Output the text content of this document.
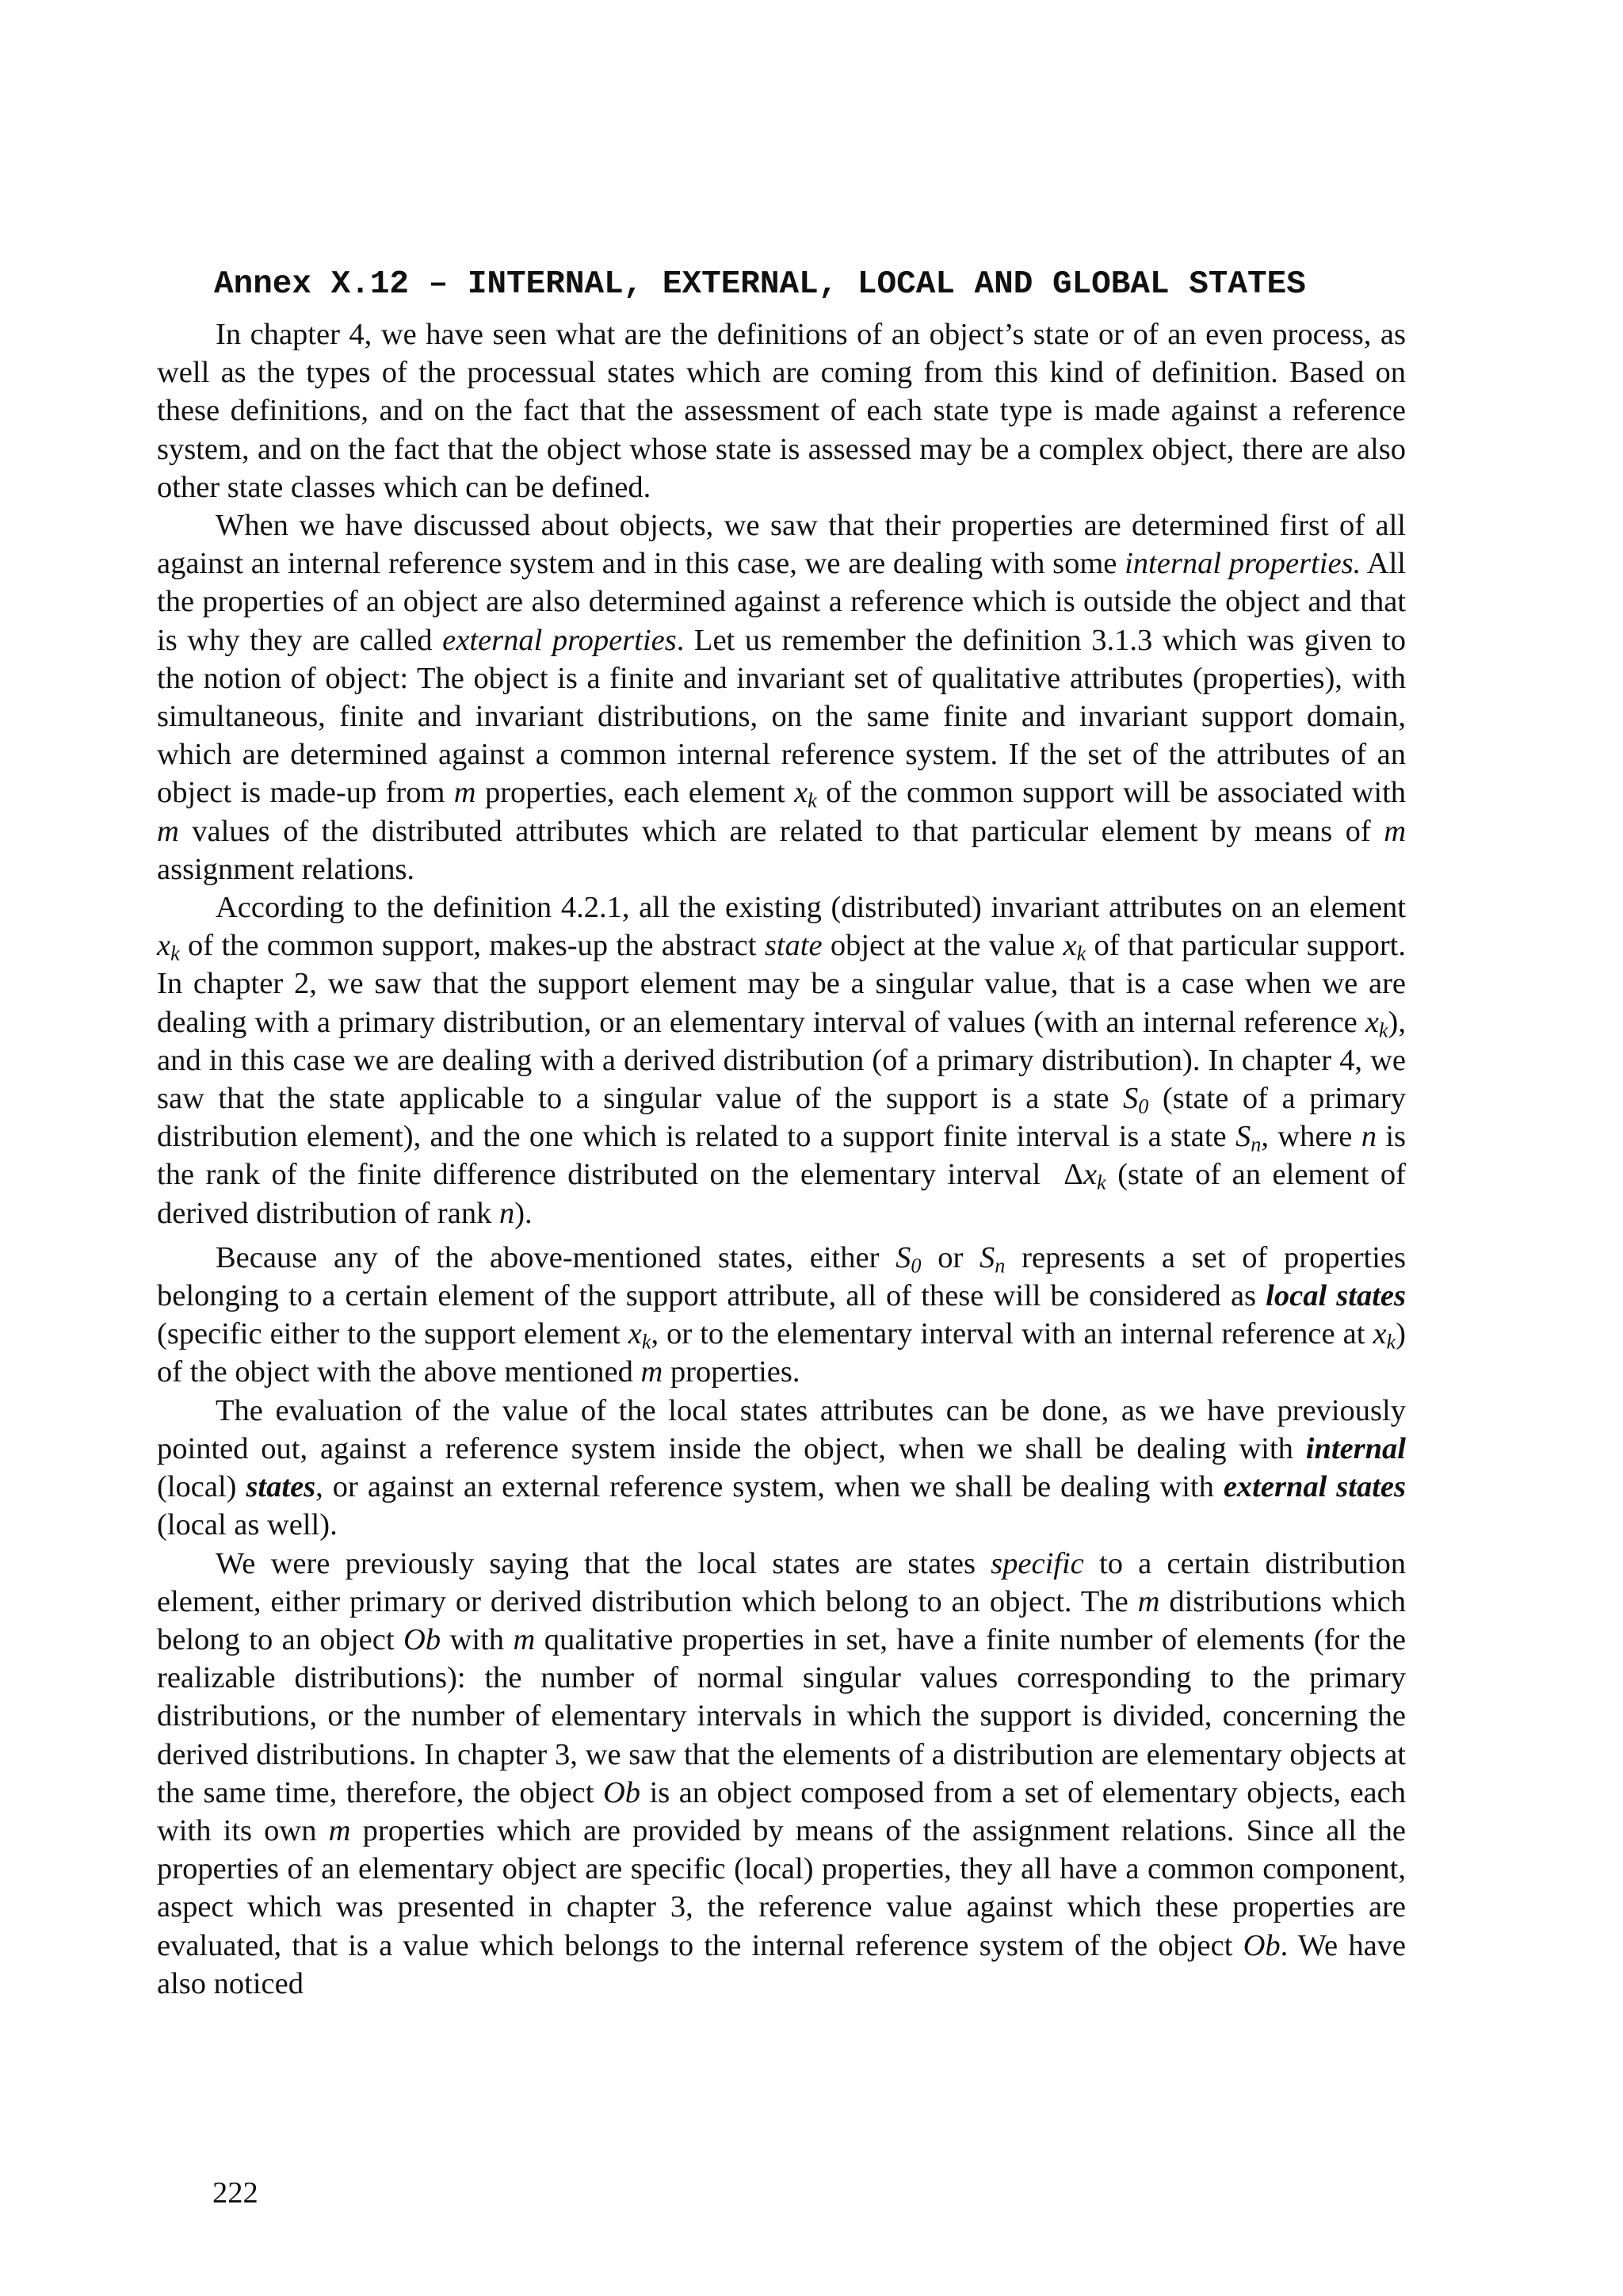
Annex X.12 – INTERNAL, EXTERNAL, LOCAL AND GLOBAL STATES

In chapter 4, we have seen what are the definitions of an object’s state or of an even process, as well as the types of the processual states which are coming from this kind of definition. Based on these definitions, and on the fact that the assessment of each state type is made against a reference system, and on the fact that the object whose state is assessed may be a complex object, there are also other state classes which can be defined.

When we have discussed about objects, we saw that their properties are determined first of all against an internal reference system and in this case, we are dealing with some internal properties. All the properties of an object are also determined against a reference which is outside the object and that is why they are called external properties. Let us remember the definition 3.1.3 which was given to the notion of object: The object is a finite and invariant set of qualitative attributes (properties), with simultaneous, finite and invariant distributions, on the same finite and invariant support domain, which are determined against a common internal reference system. If the set of the attributes of an object is made-up from m properties, each element $x_k$ of the common support will be associated with m values of the distributed attributes which are related to that particular element by means of m assignment relations.

According to the definition 4.2.1, all the existing (distributed) invariant attributes on an element $x_k$ of the common support, makes-up the abstract state object at the value $x_k$ of that particular support. In chapter 2, we saw that the support element may be a singular value, that is a case when we are dealing with a primary distribution, or an elementary interval of values (with an internal reference $x_k$), and in this case we are dealing with a derived distribution (of a primary distribution). In chapter 4, we saw that the state applicable to a singular value of the support is a state $S_0$ (state of a primary distribution element), and the one which is related to a support finite interval is a state $S_n$, where n is the rank of the finite difference distributed on the elementary interval  $\Delta x_k$ (state of an element of derived distribution of rank n).

Because any of the above-mentioned states, either $S_0$ or $S_n$ represents a set of properties belonging to a certain element of the support attribute, all of these will be considered as local states (specific either to the support element $x_k$, or to the elementary interval with an internal reference at $x_k$) of the object with the above mentioned m properties.

The evaluation of the value of the local states attributes can be done, as we have previously pointed out, against a reference system inside the object, when we shall be dealing with internal (local) states, or against an external reference system, when we shall be dealing with external states (local as well).

We were previously saying that the local states are states specific to a certain distribution element, either primary or derived distribution which belong to an object. The m distributions which belong to an object Ob with m qualitative properties in set, have a finite number of elements (for the realizable distributions): the number of normal singular values corresponding to the primary distributions, or the number of elementary intervals in which the support is divided, concerning the derived distributions. In chapter 3, we saw that the elements of a distribution are elementary objects at the same time, therefore, the object Ob is an object composed from a set of elementary objects, each with its own m properties which are provided by means of the assignment relations. Since all the properties of an elementary object are specific (local) properties, they all have a common component, aspect which was presented in chapter 3, the reference value against which these properties are evaluated, that is a value which belongs to the internal reference system of the object Ob. We have also noticed

222
